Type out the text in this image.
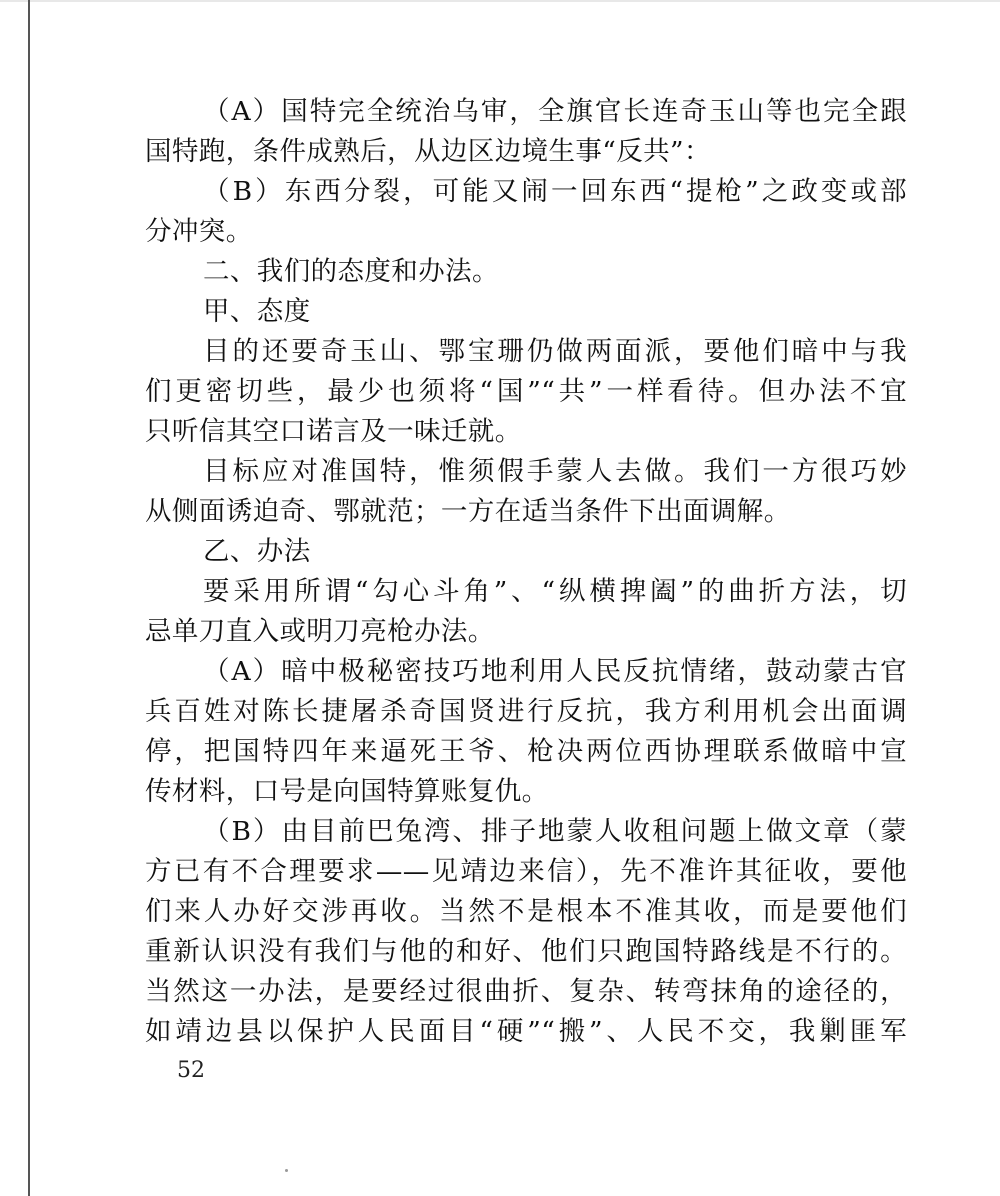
（A）国特完全统治乌审，全旗官长连奇玉山等也完全跟
国特跑，条件成熟后，从边区边境生事“反共”：
（B）东西分裂，可能又闹一回东西“提枪”之政变或部
分冲突。
二、我们的态度和办法。
甲、态度
目的还要奇玉山、鄂宝珊仍做两面派，要他们暗中与我
们更密切些，最少也须将“国”“共”一样看待。但办法不宜
只听信其空口诺言及一味迁就。
目标应对准国特，惟须假手蒙人去做。我们一方很巧妙
从侧面诱迫奇、鄂就范；一方在适当条件下出面调解。
乙、办法
要采用所谓“勾心斗角”、“纵横捭阖”的曲折方法，切
忌单刀直入或明刀亮枪办法。
（A）暗中极秘密技巧地利用人民反抗情绪，鼓动蒙古官
兵百姓对陈长捷屠杀奇国贤进行反抗，我方利用机会出面调
停，把国特四年来逼死王爷、枪决两位西协理联系做暗中宣
传材料，口号是向国特算账复仇。
（B）由目前巴兔湾、排子地蒙人收租问题上做文章（蒙
方已有不合理要求——见靖边来信），先不准许其征收，要他
们来人办好交涉再收。当然不是根本不准其收，而是要他们
重新认识没有我们与他的和好、他们只跑国特路线是不行的。
当然这一办法，是要经过很曲折、复杂、转弯抹角的途径的，
如靖边县以保护人民面目“硬”“搬”、人民不交，我剿匪军
52
